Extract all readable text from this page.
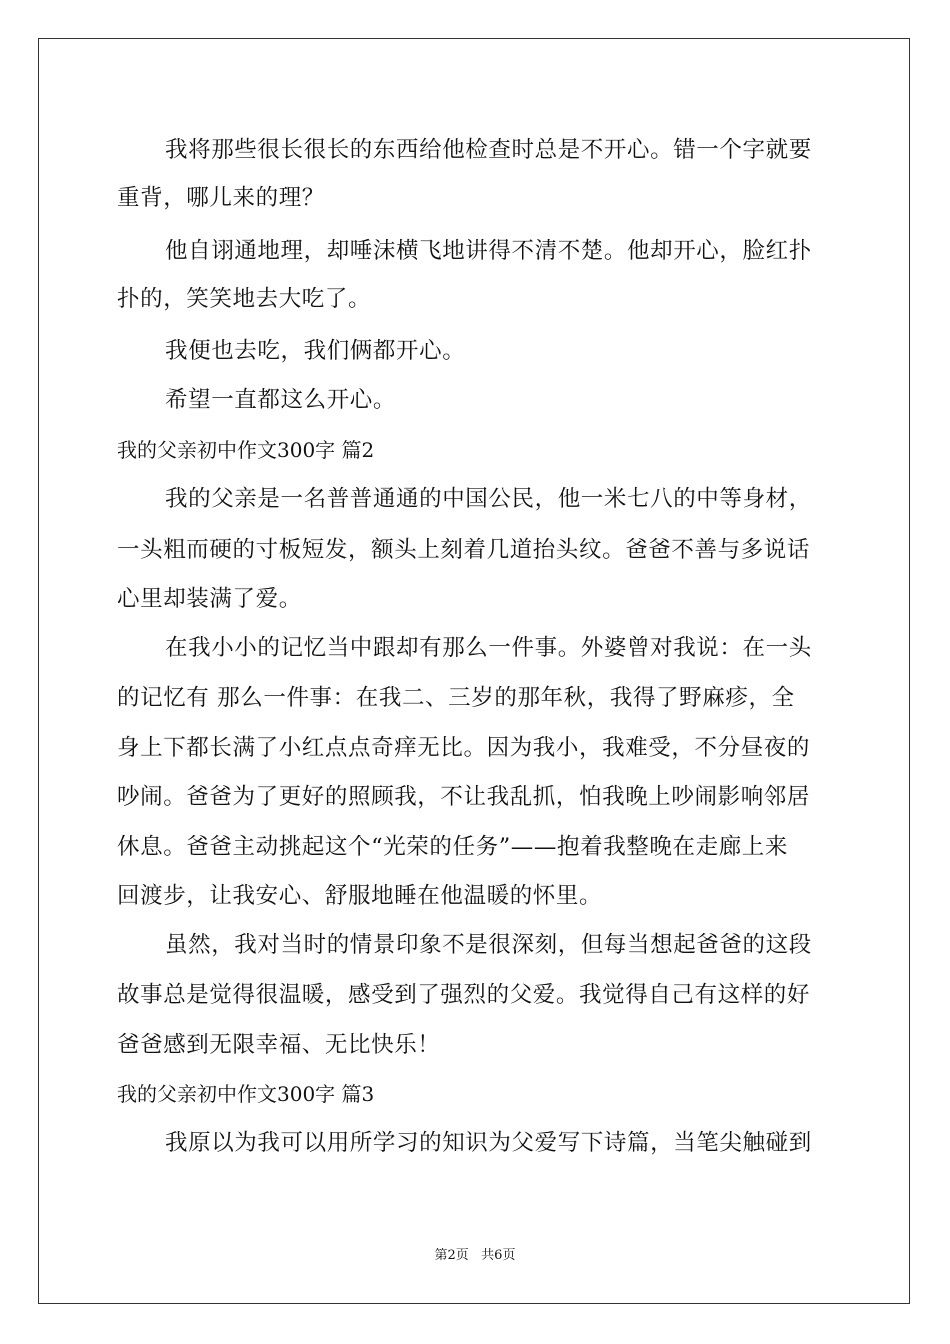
我将那些很长很长的东西给他检查时总是不开心。错一个字就要
重背，哪儿来的理？
他自诩通地理，却唾沫横飞地讲得不清不楚。他却开心，脸红扑
扑的，笑笑地去大吃了。
我便也去吃，我们俩都开心。
希望一直都这么开心。
我的父亲初中作文300字 篇2
我的父亲是一名普普通通的中国公民，他一米七八的中等身材，
一头粗而硬的寸板短发，额头上刻着几道抬头纹。爸爸不善与多说话
心里却装满了爱。
在我小小的记忆当中跟却有那么一件事。外婆曾对我说：在一头
的记忆有 那么一件事：在我二、三岁的那年秋，我得了野麻疹，全
身上下都长满了小红点点奇痒无比。因为我小，我难受，不分昼夜的
吵闹。爸爸为了更好的照顾我，不让我乱抓，怕我晚上吵闹影响邻居
休息。爸爸主动挑起这个“光荣的任务”——抱着我整晚在走廊上来
回渡步，让我安心、舒服地睡在他温暖的怀里。
虽然，我对当时的情景印象不是很深刻，但每当想起爸爸的这段
故事总是觉得很温暖，感受到了强烈的父爱。我觉得自己有这样的好
爸爸感到无限幸福、无比快乐！
我的父亲初中作文300字 篇3
我原以为我可以用所学习的知识为父爱写下诗篇，当笔尖触碰到
第2页   共6页
